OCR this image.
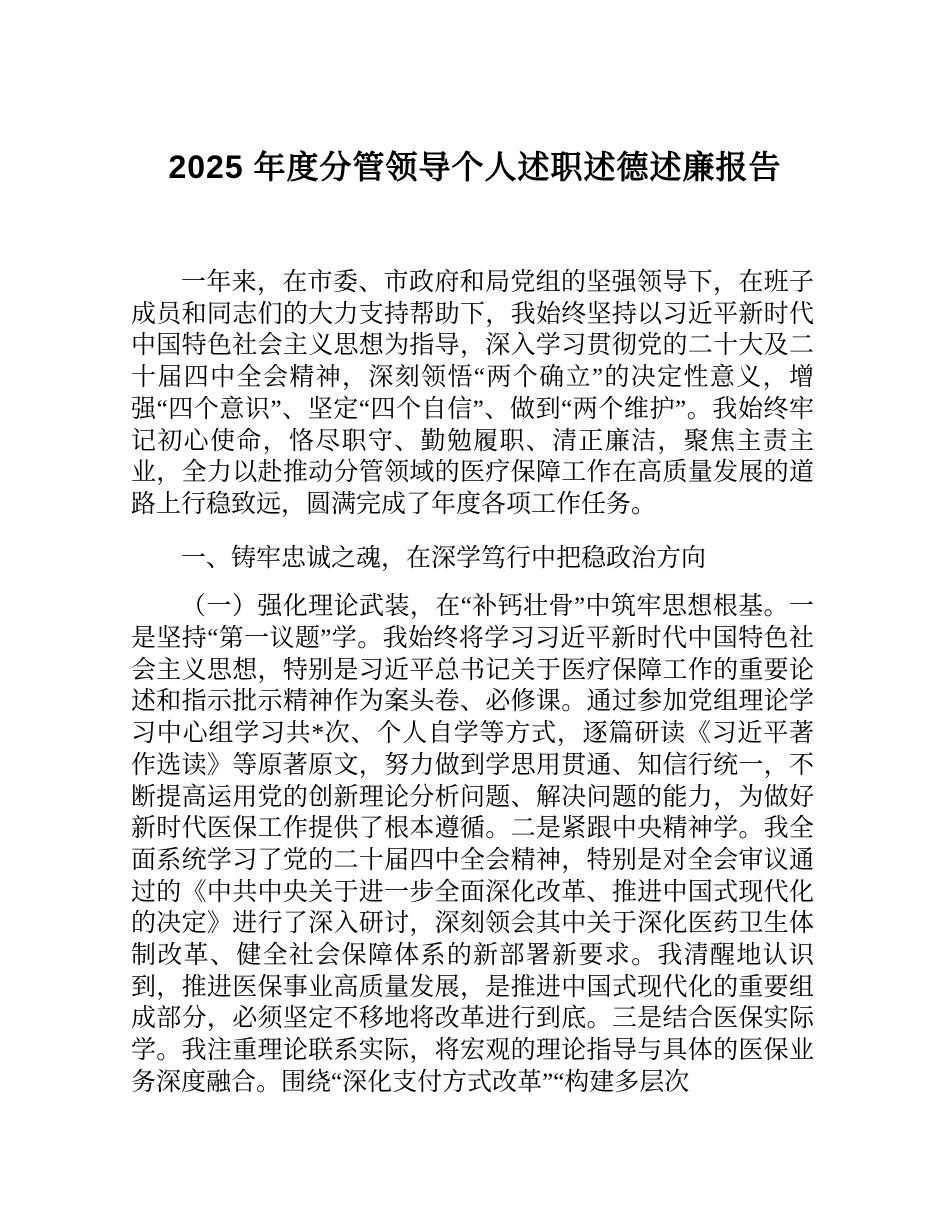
2025 年度分管领导个人述职述德述廉报告

一年来，在市委、市政府和局党组的坚强领导下，在班子成员和同志们的大力支持帮助下，我始终坚持以习近平新时代中国特色社会主义思想为指导，深入学习贯彻党的二十大及二十届四中全会精神，深刻领悟“两个确立”的决定性意义，增强“四个意识”、坚定“四个自信”、做到“两个维护”。我始终牢记初心使命，恪尽职守、勤勉履职、清正廉洁，聚焦主责主业，全力以赴推动分管领域的医疗保障工作在高质量发展的道路上行稳致远，圆满完成了年度各项工作任务。

一、铸牢忠诚之魂，在深学笃行中把稳政治方向

（一）强化理论武装，在“补钙壮骨”中筑牢思想根基。一是坚持“第一议题”学。我始终将学习习近平新时代中国特色社会主义思想，特别是习近平总书记关于医疗保障工作的重要论述和指示批示精神作为案头卷、必修课。通过参加党组理论学习中心组学习共*次、个人自学等方式，逐篇研读《习近平著作选读》等原著原文，努力做到学思用贯通、知信行统一，不断提高运用党的创新理论分析问题、解决问题的能力，为做好新时代医保工作提供了根本遵循。二是紧跟中央精神学。我全面系统学习了党的二十届四中全会精神，特别是对全会审议通过的《中共中央关于进一步全面深化改革、推进中国式现代化的决定》进行了深入研讨，深刻领会其中关于深化医药卫生体制改革、健全社会保障体系的新部署新要求。我清醒地认识到，推进医保事业高质量发展，是推进中国式现代化的重要组成部分，必须坚定不移地将改革进行到底。三是结合医保实际学。我注重理论联系实际，将宏观的理论指导与具体的医保业务深度融合。围绕“深化支付方式改革”“构建多层次
